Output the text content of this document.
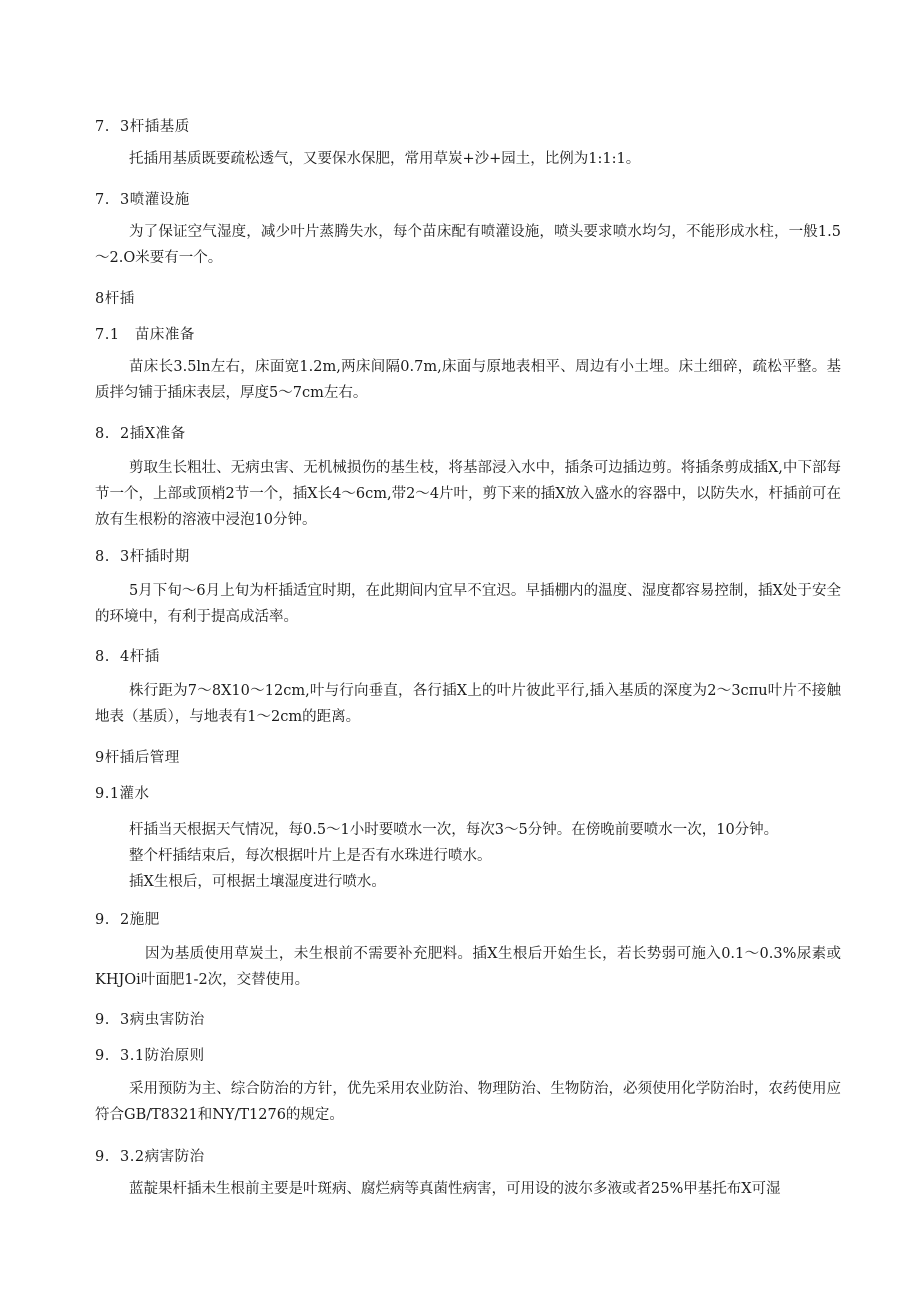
7.  3杆插基质
托插用基质既要疏松透气，又要保水保肥，常用草炭+沙+园土，比例为1:1:1。
7.  3喷灌设施
为了保证空气湿度，减少叶片蒸腾失水，每个苗床配有喷灌设施，喷头要求喷水均匀，不能形成水柱，一般1.5～2.O米要有一个。
8杆插
7.1   苗床准备
苗床长3.5ln左右，床面宽1.2m,两床间隔0.7m,床面与原地表相平、周边有小土埋。床土细碎，疏松平整。基质拌匀铺于插床表层，厚度5～7cm左右。
8.  2插X准备
剪取生长粗壮、无病虫害、无机械损伤的基生枝，将基部浸入水中，插条可边插边剪。将插条剪成插X,中下部每节一个，上部或顶梢2节一个，插X长4～6cm,带2～4片叶，剪下来的插X放入盛水的容器中，以防失水，杆插前可在放有生根粉的溶液中浸泡10分钟。
8.  3杆插时期
5月下旬～6月上旬为杆插适宜时期，在此期间内宜早不宜迟。早插棚内的温度、湿度都容易控制，插X处于安全的环境中，有利于提高成活率。
8.  4杆插
株行距为7～8X10～12cm,叶与行向垂直，各行插X上的叶片彼此平行,插入基质的深度为2～3cπu叶片不接触地表（基质），与地表有1～2cm的距离。
9杆插后管理
9.1灌水
杆插当天根据天气情况，每0.5～1小时要喷水一次，每次3～5分钟。在傍晚前要喷水一次，10分钟。
整个杆插结束后，每次根据叶片上是否有水珠进行喷水。
插X生根后，可根据土壤湿度进行喷水。
9.  2施肥
因为基质使用草炭土，未生根前不需要补充肥料。插X生根后开始生长，若长势弱可施入0.1～0.3%尿素或KHJOi叶面肥1-2次，交替使用。
9.  3病虫害防治
9.  3.1防治原则
采用预防为主、综合防治的方针，优先采用农业防治、物理防治、生物防治，必须使用化学防治时，农药使用应符合GB/T8321和NY/T1276的规定。
9.  3.2病害防治
蓝靛果杆插未生根前主要是叶斑病、腐烂病等真菌性病害，可用设的波尔多液或者25%甲基托布X可湿
